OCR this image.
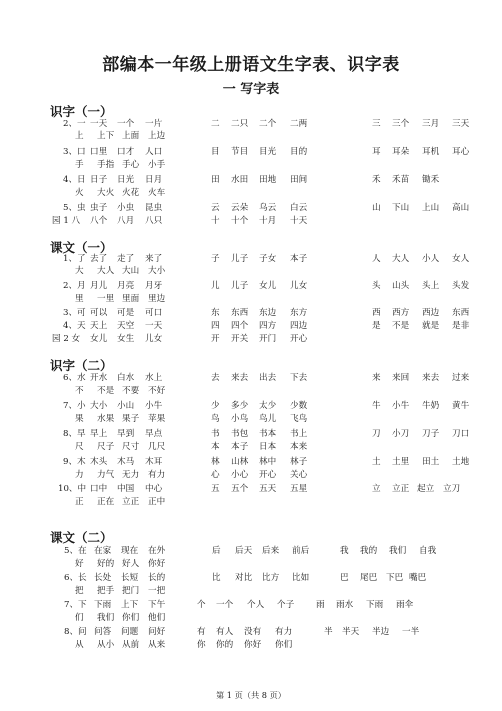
部编本一年级上册语文生字表、识字表
一 写字表
识字（一）
2、一 一天 一个 一片	二 二只 二个 二两	三 三个 三月 三天
上 上下 上面 上边
3、口 口里 口才 人口	目 节目 目光 目的	耳 耳朵 耳机 耳心
手 手指 手心 小手
4、日 日子 日光 日月	田 水田 田地 田间	禾 禾苗 锄禾
火 大火 火花 火车
5、虫 虫子 小虫 昆虫	云 云朵 乌云 白云	山 下山 上山 高山
园 1 八 八个 八月 八只	十 十个 十月 十天
课文（一）
1、了 去了 走了 来了	子 儿子 子女 本子	人 大人 小人 女人
大 大人 大山 大小
2、月 月儿 月亮 月牙	儿 儿子 女儿 儿女	头 山头 头上 头发
里 一里 里面 里边
3、可 可以 可是 可口	东 东西 东边 东方	西 西方 西边 东西
4、天 天上 天空 一天	四 四个 四方 四边	是 不是 就是 是非
园 2 女 女儿 女生 儿女	开 开关 开门 开心
识字（二）
6、水 开水 白水 水上	去 来去 出去 下去	来 来回 来去 过来
不 不是 不要 不好
7、小 大小 小山 小牛	少 多少 太少 少数	牛 小牛 牛奶 黄牛
果 水果 果子 苹果	鸟 小鸟 鸟儿 飞鸟
8、早 早上 早到 早点	书 书包 书本 书上	刀 小刀 刀子 刀口
尺 尺子 尺寸 几尺	本 本子 日本 本来
9、木 木头 木马 木耳	林 山林 林中 林子	土 土里 田土 土地
力 力气 无力 有力	心 小心 开心 关心
10、中 口中 中国 中心	五 五个 五天 五星	立 立正 起立 立刀
正 正在 立正 正中
课文（二）
5、在 在家 现在 在外	后 后天 后来 前后	我 我的 我们 自我
好 好的 好人 你好
6、长 长处 长短 长的	比 对比 比方 比如	巴 尾巴 下巴 嘴巴
把 把手 把门 一把
7、下 下雨 上下 下午	个 一个 个人 个子	雨 雨水 下雨 雨伞
们 我们 你们 他们
8、问 问答 问题 问好	有 有人 没有 有力	半 半天 半边 一半
从 从小 从前 从来	你 你的 你好 你们
第 1 页（共 8 页）
